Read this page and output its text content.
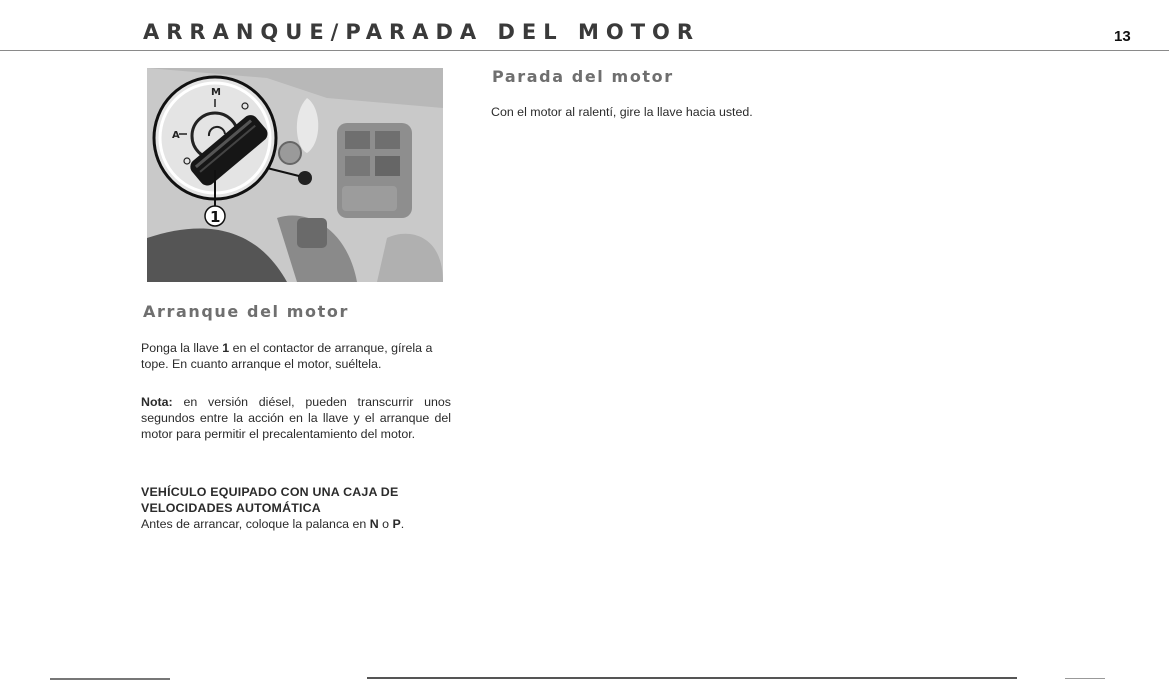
ARRANQUE/PARADA DEL MOTOR	13
M
A
1
Arranque del motor
Ponga la llave 1 en el contactor de arranque, gírela a tope. En cuanto arranque el motor, suéltela.
Nota: en versión diésel, pueden transcurrir unos segundos entre la acción en la llave y el arranque del motor para permitir el precalentamiento del motor.
VEHÍCULO EQUIPADO CON UNA CAJA DE
VELOCIDADES AUTOMÁTICA
Antes de arrancar, coloque la palanca en N o P.
Parada del motor
Con el motor al ralentí, gire la llave hacia usted.
